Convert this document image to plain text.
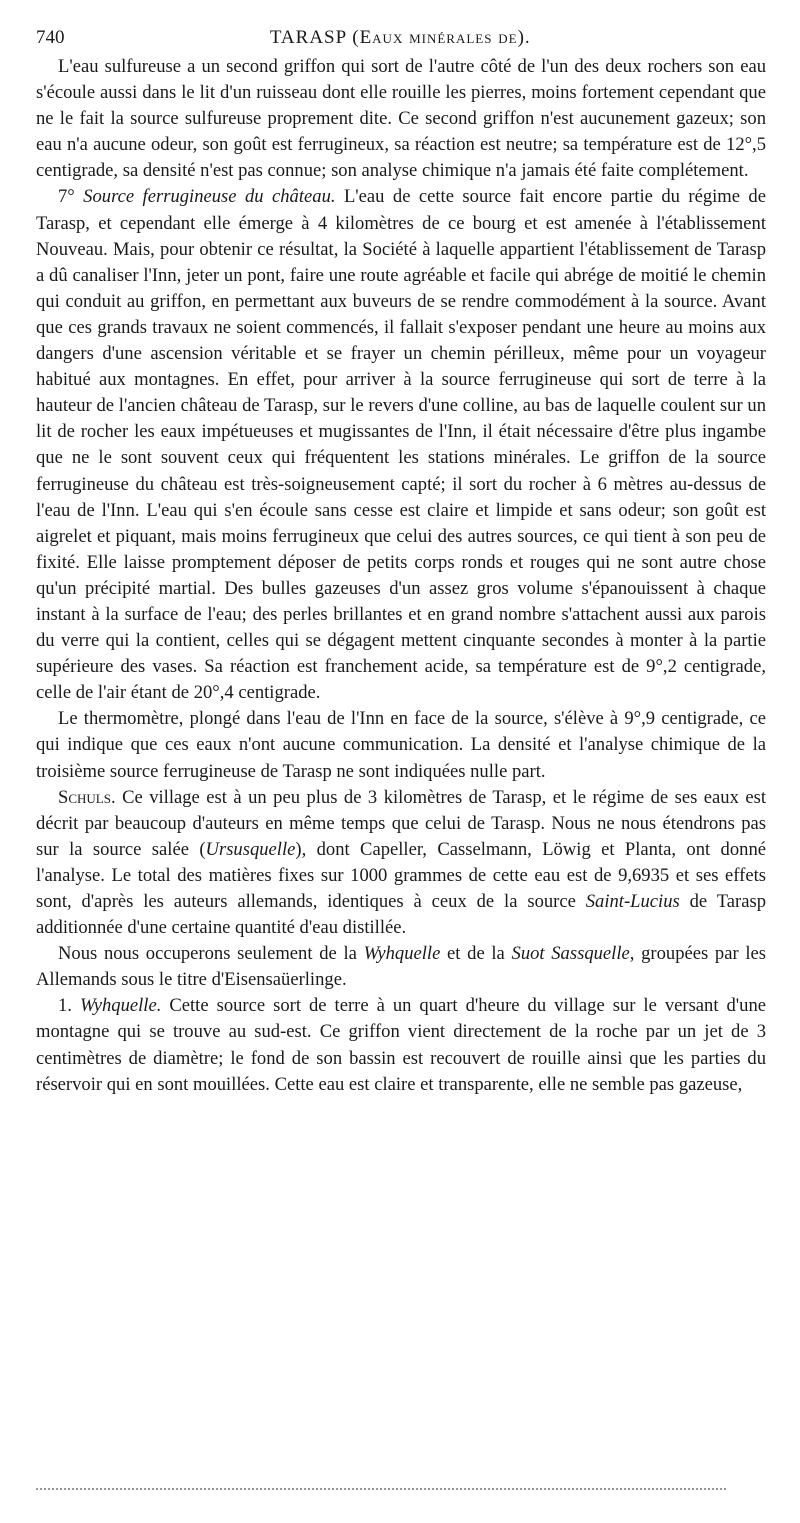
740	TARASP (Eaux minérales de).

L'eau sulfureuse a un second griffon qui sort de l'autre côté de l'un des deux rochers son eau s'écoule aussi dans le lit d'un ruisseau dont elle rouille les pierres, moins fortement cependant que ne le fait la source sulfureuse proprement dite. Ce second griffon n'est aucunement gazeux; son eau n'a aucune odeur, son goût est ferrugineux, sa réaction est neutre; sa température est de 12°,5 centigrade, sa densité n'est pas connue; son analyse chimique n'a jamais été faite complétement.

7° Source ferrugineuse du château. L'eau de cette source fait encore partie du régime de Tarasp, et cependant elle émerge à 4 kilomètres de ce bourg et est amenée à l'établissement Nouveau. Mais, pour obtenir ce résultat, la Société à laquelle appartient l'établissement de Tarasp a dû canaliser l'Inn, jeter un pont, faire une route agréable et facile qui abrége de moitié le chemin qui conduit au griffon, en permettant aux buveurs de se rendre commodément à la source. Avant que ces grands travaux ne soient commencés, il fallait s'exposer pendant une heure au moins aux dangers d'une ascension véritable et se frayer un chemin périlleux, même pour un voyageur habitué aux montagnes. En effet, pour arriver à la source ferrugineuse qui sort de terre à la hauteur de l'ancien château de Tarasp, sur le revers d'une colline, au bas de laquelle coulent sur un lit de rocher les eaux impétueuses et mugissantes de l'Inn, il était nécessaire d'être plus ingambe que ne le sont souvent ceux qui fréquentent les stations minérales. Le griffon de la source ferrugineuse du château est très-soigneusement capté; il sort du rocher à 6 mètres au-dessus de l'eau de l'Inn. L'eau qui s'en écoule sans cesse est claire et limpide et sans odeur; son goût est aigrelet et piquant, mais moins ferrugineux que celui des autres sources, ce qui tient à son peu de fixité. Elle laisse promptement déposer de petits corps ronds et rouges qui ne sont autre chose qu'un précipité martial. Des bulles gazeuses d'un assez gros volume s'épanouissent à chaque instant à la surface de l'eau; des perles brillantes et en grand nombre s'attachent aussi aux parois du verre qui la contient, celles qui se dégagent mettent cinquante secondes à monter à la partie supérieure des vases. Sa réaction est franchement acide, sa température est de 9°,2 centigrade, celle de l'air étant de 20°,4 centigrade.

Le thermomètre, plongé dans l'eau de l'Inn en face de la source, s'élève à 9°,9 centigrade, ce qui indique que ces eaux n'ont aucune communication. La densité et l'analyse chimique de la troisième source ferrugineuse de Tarasp ne sont indiquées nulle part.

Schuls. Ce village est à un peu plus de 3 kilomètres de Tarasp, et le régime de ses eaux est décrit par beaucoup d'auteurs en même temps que celui de Tarasp. Nous ne nous étendrons pas sur la source salée (Ursusquelle), dont Capeller, Casselmann, Löwig et Planta, ont donné l'analyse. Le total des matières fixes sur 1000 grammes de cette eau est de 9,6935 et ses effets sont, d'après les auteurs allemands, identiques à ceux de la source Saint-Lucius de Tarasp additionnée d'une certaine quantité d'eau distillée.

Nous nous occuperons seulement de la Wyhquelle et de la Suot Sassquelle, groupées par les Allemands sous le titre d'Eisensaüerlinge.

1. Wyhquelle. Cette source sort de terre à un quart d'heure du village sur le versant d'une montagne qui se trouve au sud-est. Ce griffon vient directement de la roche par un jet de 3 centimètres de diamètre; le fond de son bassin est recouvert de rouille ainsi que les parties du réservoir qui en sont mouillées. Cette eau est claire et transparente, elle ne semble pas gazeuse,
